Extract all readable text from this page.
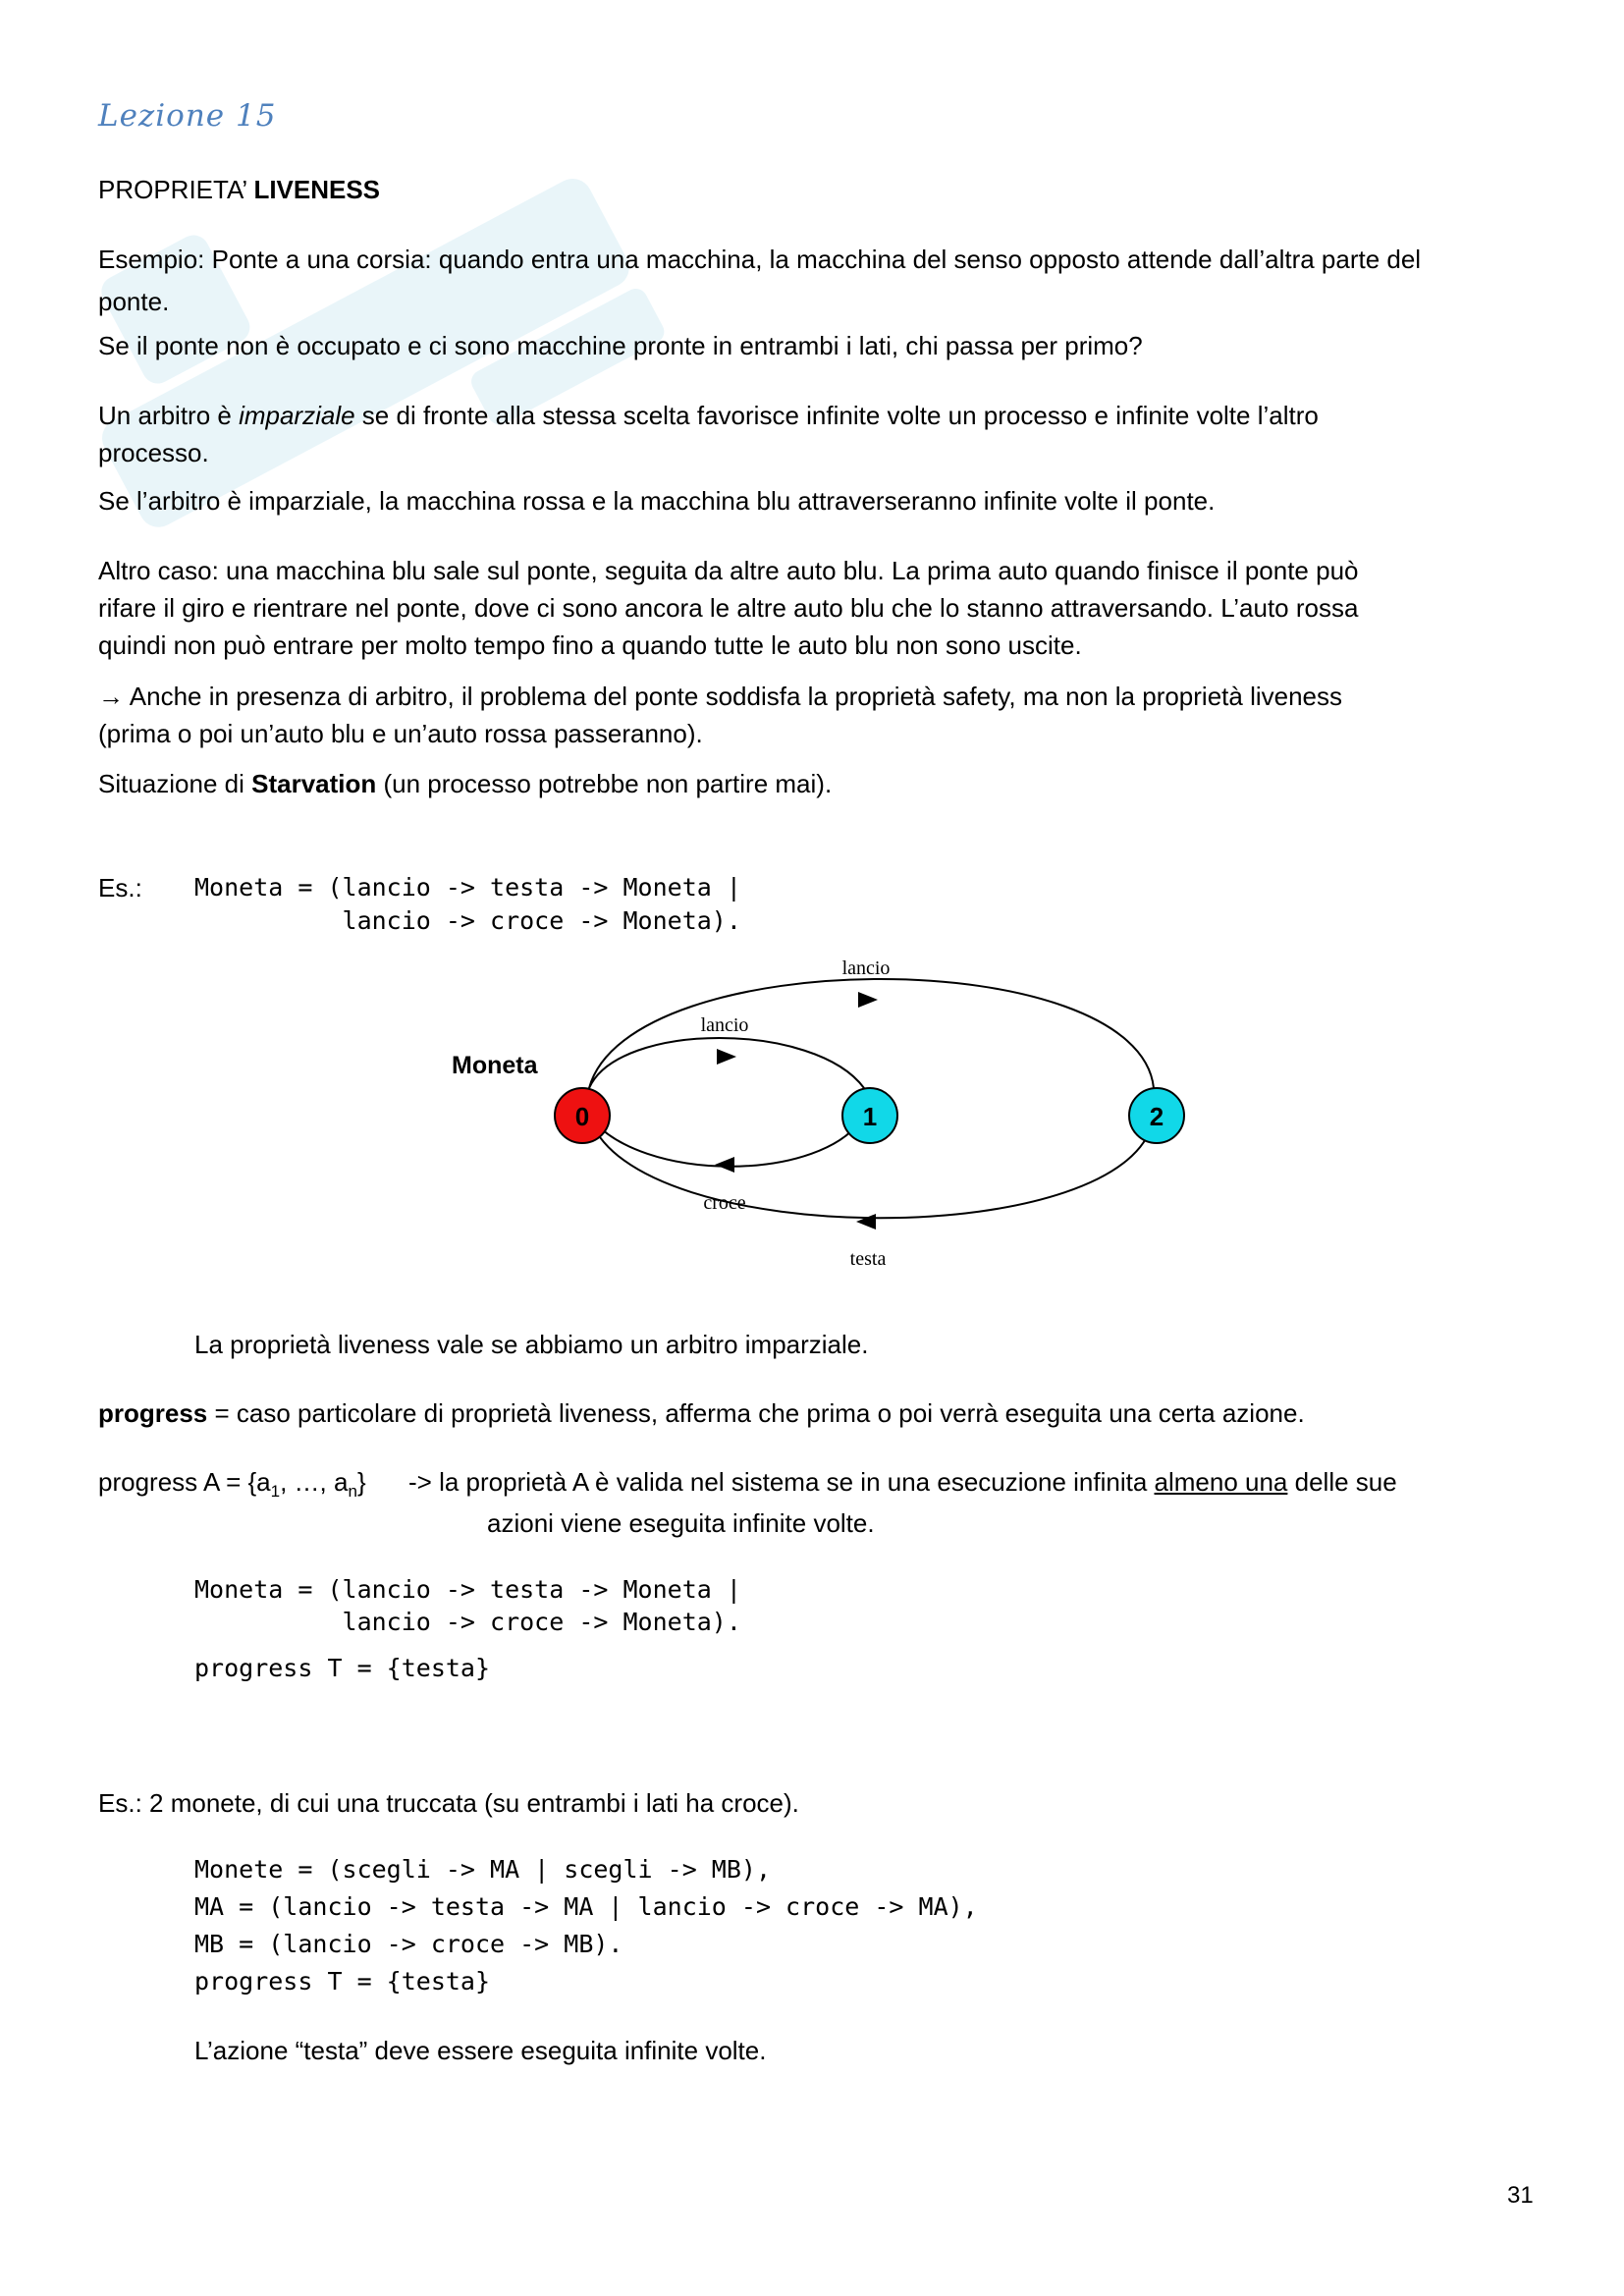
Lezione 15
PROPRIETA’ LIVENESS
Esempio: Ponte a una corsia: quando entra una macchina, la macchina del senso opposto attende dall’altra parte del
ponte.
Se il ponte non è occupato e ci sono macchine pronte in entrambi i lati, chi passa per primo?
Un arbitro è imparziale se di fronte alla stessa scelta favorisce infinite volte un processo e infinite volte l’altro
processo.
Se l’arbitro è imparziale, la macchina rossa e la macchina blu attraverseranno infinite volte il ponte.
Altro caso: una macchina blu sale sul ponte, seguita da altre auto blu. La prima auto quando finisce il ponte può
rifare il giro e rientrare nel ponte, dove ci sono ancora le altre auto blu che lo stanno attraversando. L’auto rossa
quindi non può entrare per molto tempo fino a quando tutte le auto blu non sono uscite.
→ Anche in presenza di arbitro, il problema del ponte soddisfa la proprietà safety, ma non la proprietà liveness
(prima o poi un’auto blu e un’auto rossa passeranno).
Situazione di Starvation (un processo potrebbe non partire mai).
Es.: Moneta = (lancio -> testa -> Moneta |
lancio -> croce -> Moneta).
Moneta
lancio
lancio
croce
testa
0	1	2
La proprietà liveness vale se abbiamo un arbitro imparziale.
progress = caso particolare di proprietà liveness, afferma che prima o poi verrà eseguita una certa azione.
progress $A = \{a_1$, …, $a_n$} -> la proprietà A è valida nel sistema se in una esecuzione infinita almeno una delle sue
azioni viene eseguita infinite volte.
Moneta = (lancio -> testa -> Moneta |
lancio -> croce -> Moneta).
progress T = {testa}
Es.: 2 monete, di cui una truccata (su entrambi i lati ha croce).
Monete = (scegli -> MA | scegli -> MB),
MA = (lancio -> testa -> MA | lancio -> croce -> MA),
MB = (lancio -> croce -> MB).
progress T = {testa}
L’azione “testa” deve essere eseguita infinite volte.
31
